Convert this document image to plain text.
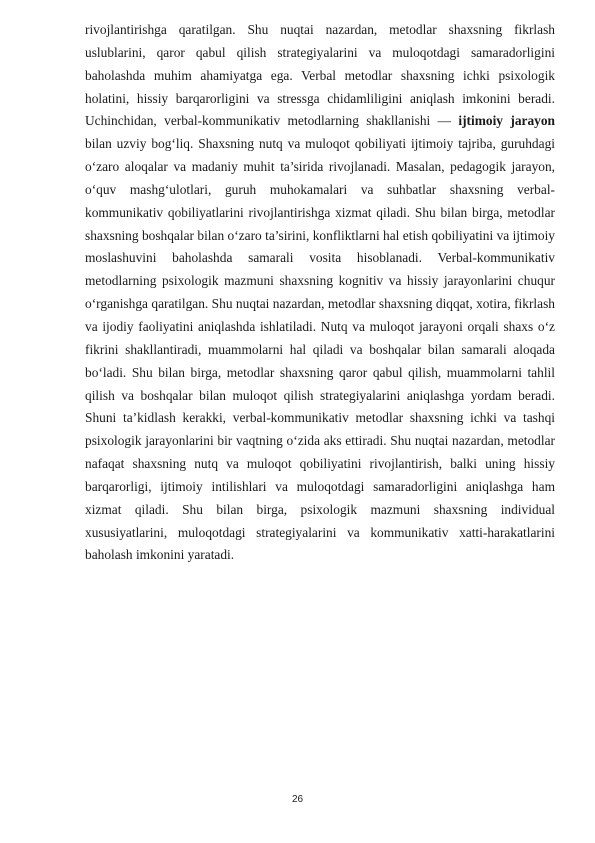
rivojlantirishga qaratilgan. Shu nuqtai nazardan, metodlar shaxsning fikrlash uslublarini, qaror qabul qilish strategiyalarini va muloqotdagi samaradorligini baholashda muhim ahamiyatga ega. Verbal metodlar shaxsning ichki psixologik holatini, hissiy barqarorligini va stressga chidamliligini aniqlash imkonini beradi. Uchinchidan, verbal-kommunikativ metodlarning shakllanishi — ijtimoiy jarayon bilan uzviy bog‘liq. Shaxsning nutq va muloqot qobiliyati ijtimoiy tajriba, guruhdagi o‘zaro aloqalar va madaniy muhit ta’sirida rivojlanadi. Masalan, pedagogik jarayon, o‘quv mashg‘ulotlari, guruh muhokamalari va suhbatlar shaxsning verbal-kommunikativ qobiliyatlarini rivojlantirishga xizmat qiladi. Shu bilan birga, metodlar shaxsning boshqalar bilan o‘zaro ta’sirini, konfliktlarni hal etish qobiliyatini va ijtimoiy moslashuvini baholashda samarali vosita hisoblanadi. Verbal-kommunikativ metodlarning psixologik mazmuni shaxsning kognitiv va hissiy jarayonlarini chuqur o‘rganishga qaratilgan. Shu nuqtai nazardan, metodlar shaxsning diqqat, xotira, fikrlash va ijodiy faoliyatini aniqlashda ishlatiladi. Nutq va muloqot jarayoni orqali shaxs o‘z fikrini shakllantiradi, muammolarni hal qiladi va boshqalar bilan samarali aloqada bo‘ladi. Shu bilan birga, metodlar shaxsning qaror qabul qilish, muammolarni tahlil qilish va boshqalar bilan muloqot qilish strategiyalarini aniqlashga yordam beradi. Shuni ta’kidlash kerakki, verbal-kommunikativ metodlar shaxsning ichki va tashqi psixologik jarayonlarini bir vaqtning o‘zida aks ettiradi. Shu nuqtai nazardan, metodlar nafaqat shaxsning nutq va muloqot qobiliyatini rivojlantirish, balki uning hissiy barqarorligi, ijtimoiy intilishlari va muloqotdagi samaradorligini aniqlashga ham xizmat qiladi. Shu bilan birga, psixologik mazmuni shaxsning individual xususiyatlarini, muloqotdagi strategiyalarini va kommunikativ xatti-harakatlarini baholash imkonini yaratadi.

26
